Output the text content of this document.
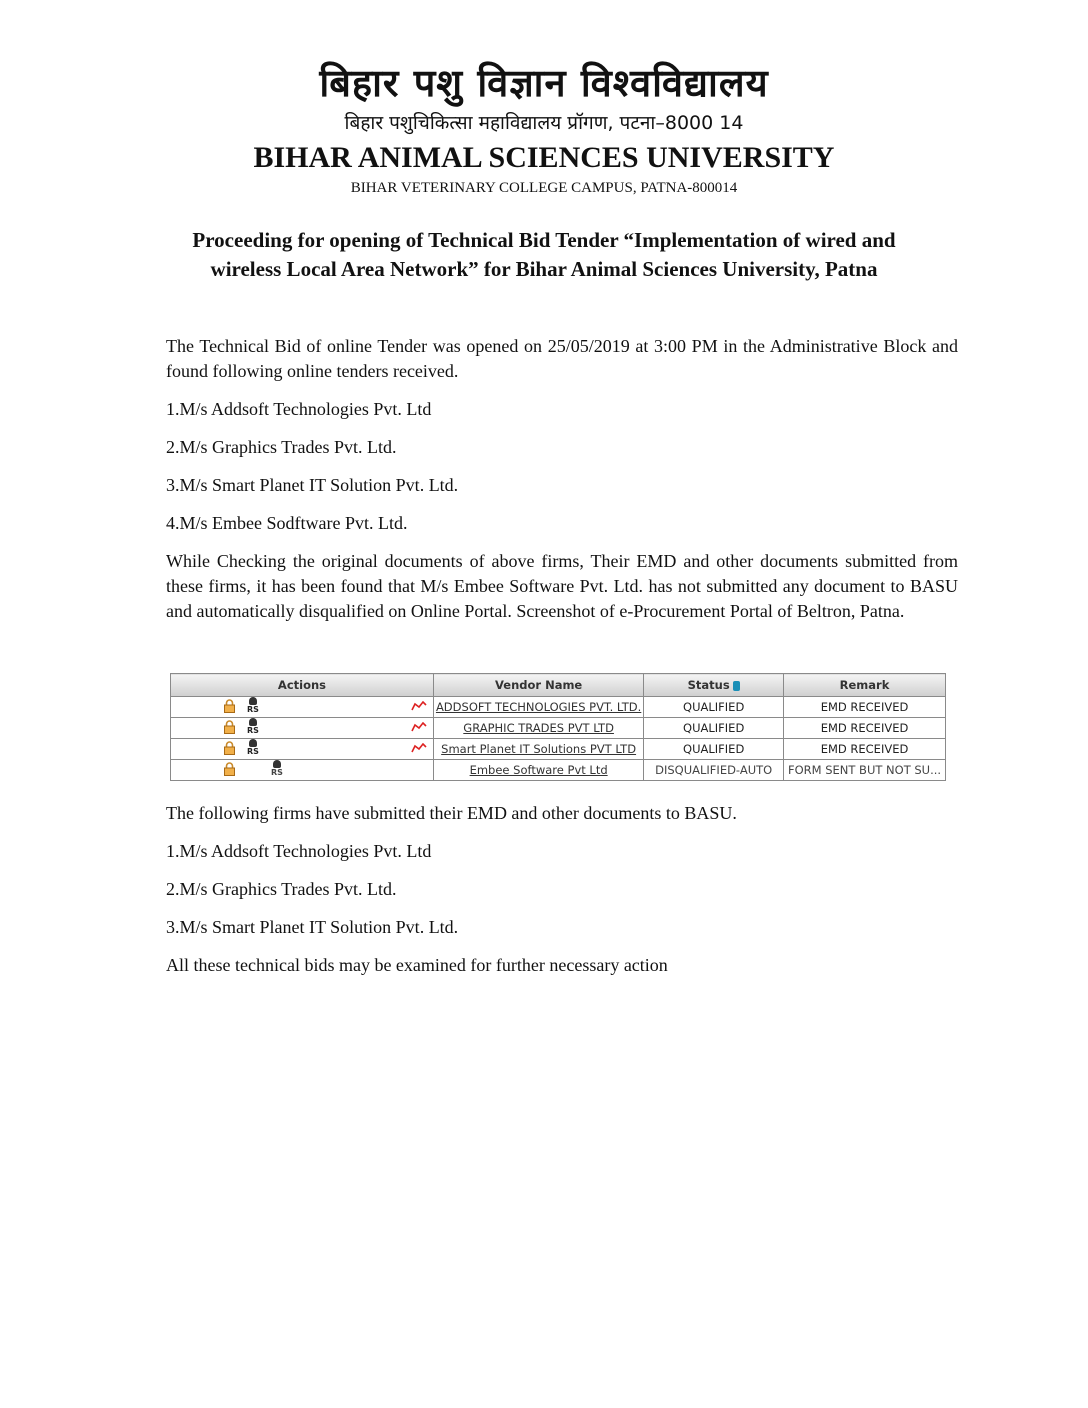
बिहार पशु विज्ञान विश्वविद्यालय

बिहार पशुचिकित्सा महाविद्यालय प्रॉगण, पटना–8000 14

BIHAR ANIMAL SCIENCES UNIVERSITY

BIHAR VETERINARY COLLEGE CAMPUS, PATNA-800014

Proceeding for opening of Technical Bid Tender “Implementation of wired and
wireless Local Area Network” for Bihar Animal Sciences University, Patna

The Technical Bid of online Tender was opened on 25/05/2019 at 3:00 PM in the Administrative Block and found following online tenders received.

1.M/s Addsoft Technologies Pvt. Ltd

2.M/s Graphics Trades Pvt. Ltd.

3.M/s Smart Planet IT Solution Pvt. Ltd.

4.M/s Embee Sodftware Pvt. Ltd.

While Checking the original documents of above firms, Their EMD and other documents submitted from these firms, it has been found that M/s Embee Software Pvt. Ltd. has not submitted any document to BASU and automatically disqualified on Online Portal. Screenshot of e-Procurement Portal of Beltron, Patna.

Actions	Vendor Name	Status	Remark

RS	ADDSOFT TECHNOLOGIES PVT. LTD.	QUALIFIED	EMD RECEIVED

RS	GRAPHIC TRADES PVT LTD	QUALIFIED	EMD RECEIVED

RS	Smart Planet IT Solutions PVT LTD	QUALIFIED	EMD RECEIVED

RS	Embee Software Pvt Ltd	DISQUALIFIED-AUTO	FORM SENT BUT NOT SU...

The following firms have submitted their EMD and other documents to BASU.

1.M/s Addsoft Technologies Pvt. Ltd

2.M/s Graphics Trades Pvt. Ltd.

3.M/s Smart Planet IT Solution Pvt. Ltd.

All these technical bids may be examined for further necessary action
